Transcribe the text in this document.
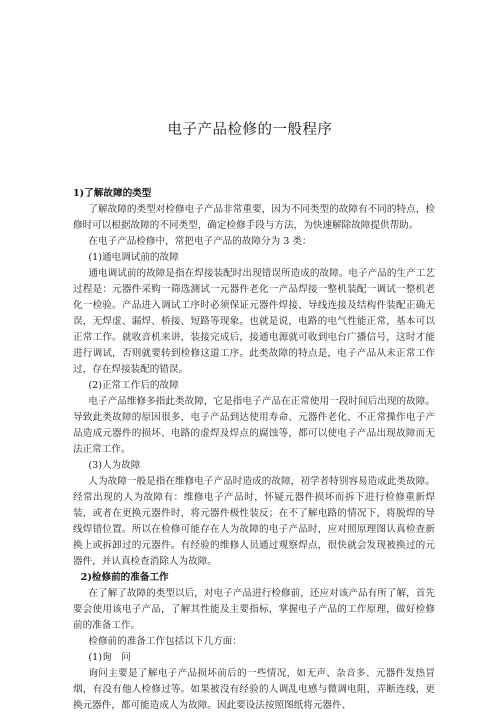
电子产品检修的一般程序

1)了解故障的类型

了解故障的类型对检修电子产品非常重要，因为不同类型的故障有不同的特点，检修时可以根据故障的不同类型，确定检修手段与方法，为快速解除故障提供帮助。

在电子产品检修中，常把电子产品的故障分为 3 类：

(1)通电调试前的故障

通电调试前的故障是指在焊接装配时出现错误所造成的故障。电子产品的生产工艺过程是：元器件采购一筛选测试一元器件老化一产品焊接一整机装配一调试一整机老化一检验。产品进入调试工序时必须保证元器件焊接、导线连接及结构件装配正确无误，无焊虚、漏焊、桥接、短路等现象。也就是说，电路的电气性能正常，基本可以正常工作。就收音机来讲，装接完成后，接通电源就可收到电台广播信号，这时才能进行调试，否则就要转到检修这道工序。此类故障的特点是，电子产品从未正常工作过，存在焊接装配的错误。

(2)正常工作后的故障

电子产品维修多指此类故障，它是指电子产品在正常使用一段时间后出现的故障。导致此类故障的原因很多，电子产品到达使用寿命、元器件老化、不正常操作电子产品造成元器件的损坏、电路的虚焊及焊点的腐蚀等，都可以使电子产品出现故障而无法正常工作。

(3)人为故障

人为故障一般是指在维修电子产品时造成的故障，初学者特别容易造成此类故障。经常出现的人为故障有：维修电子产品时，怀疑元器件损坏而拆下进行检修重新焊装，或者在更换元器件时，将元器件极性装反；在不了解电路的情况下，将脱焊的导线焊错位置。所以在检修可能存在人为故障的电子产品时，应对照原理图认真检查新换上或拆卸过的元器件。有经验的维修人员通过观察焊点，很快就会发现被换过的元器件，并认真检查消除人为故障。

2)检修前的准备工作

在了解了故障的类型以后，对电子产品进行检修前，还应对该产品有所了解，首先要会使用该电子产品，了解其性能及主要指标，掌握电子产品的工作原理，做好检修前的准备工作。

检修前的准备工作包括以下几方面：

(1)询　问

询问主要是了解电子产品损坏前后的一些情况，如无声、杂音多、元器件发热冒烟，有没有他人检修过等。如果被没有经验的人调乱电感与微调电阻，弄断连线，更换元器件，都可能造成人为故障。因此要设法按照图纸将元器件、
